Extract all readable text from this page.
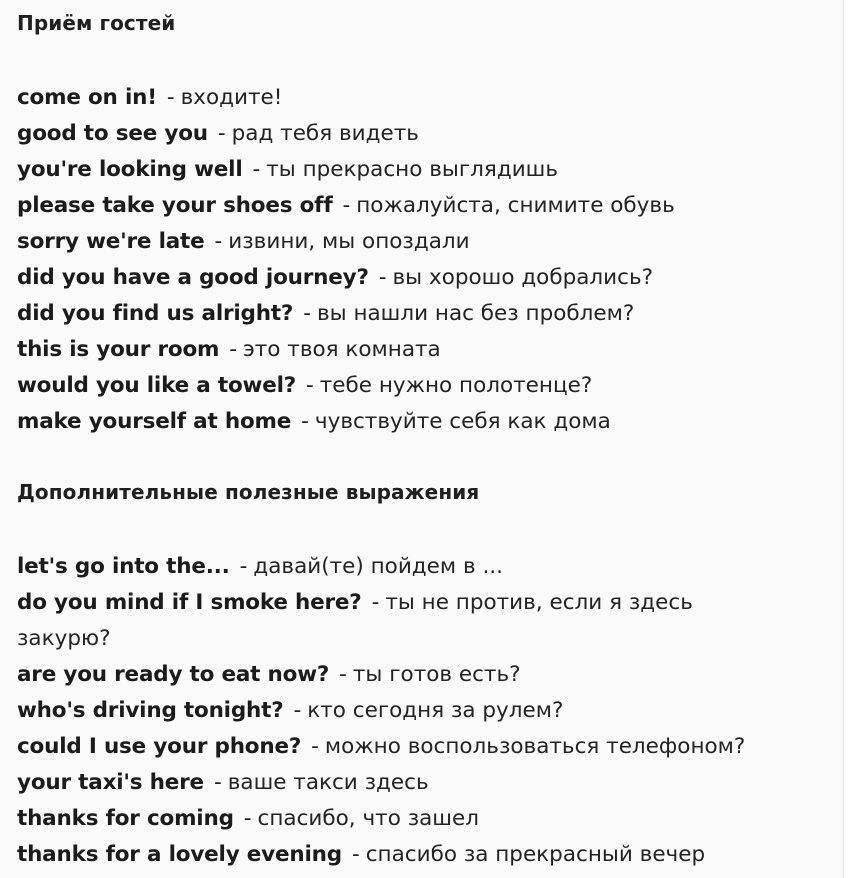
Приём гостей
come on in! - входите!
good to see you - рад тебя видеть
you're looking well - ты прекрасно выглядишь
please take your shoes off - пожалуйста, снимите обувь
sorry we're late - извини, мы опоздали
did you have a good journey? - вы хорошо добрались?
did you find us alright? - вы нашли нас без проблем?
this is your room - это твоя комната
would you like a towel? - тебе нужно полотенце?
make yourself at home - чувствуйте себя как дома
Дополнительные полезные выражения
let's go into the... - давай(те) пойдем в ...
do you mind if I smoke here? - ты не против, если я здесь закурю?
are you ready to eat now? - ты готов есть?
who's driving tonight? - кто сегодня за рулем?
could I use your phone? - можно воспользоваться телефоном?
your taxi's here - ваше такси здесь
thanks for coming - спасибо, что зашел
thanks for a lovely evening - спасибо за прекрасный вечер
